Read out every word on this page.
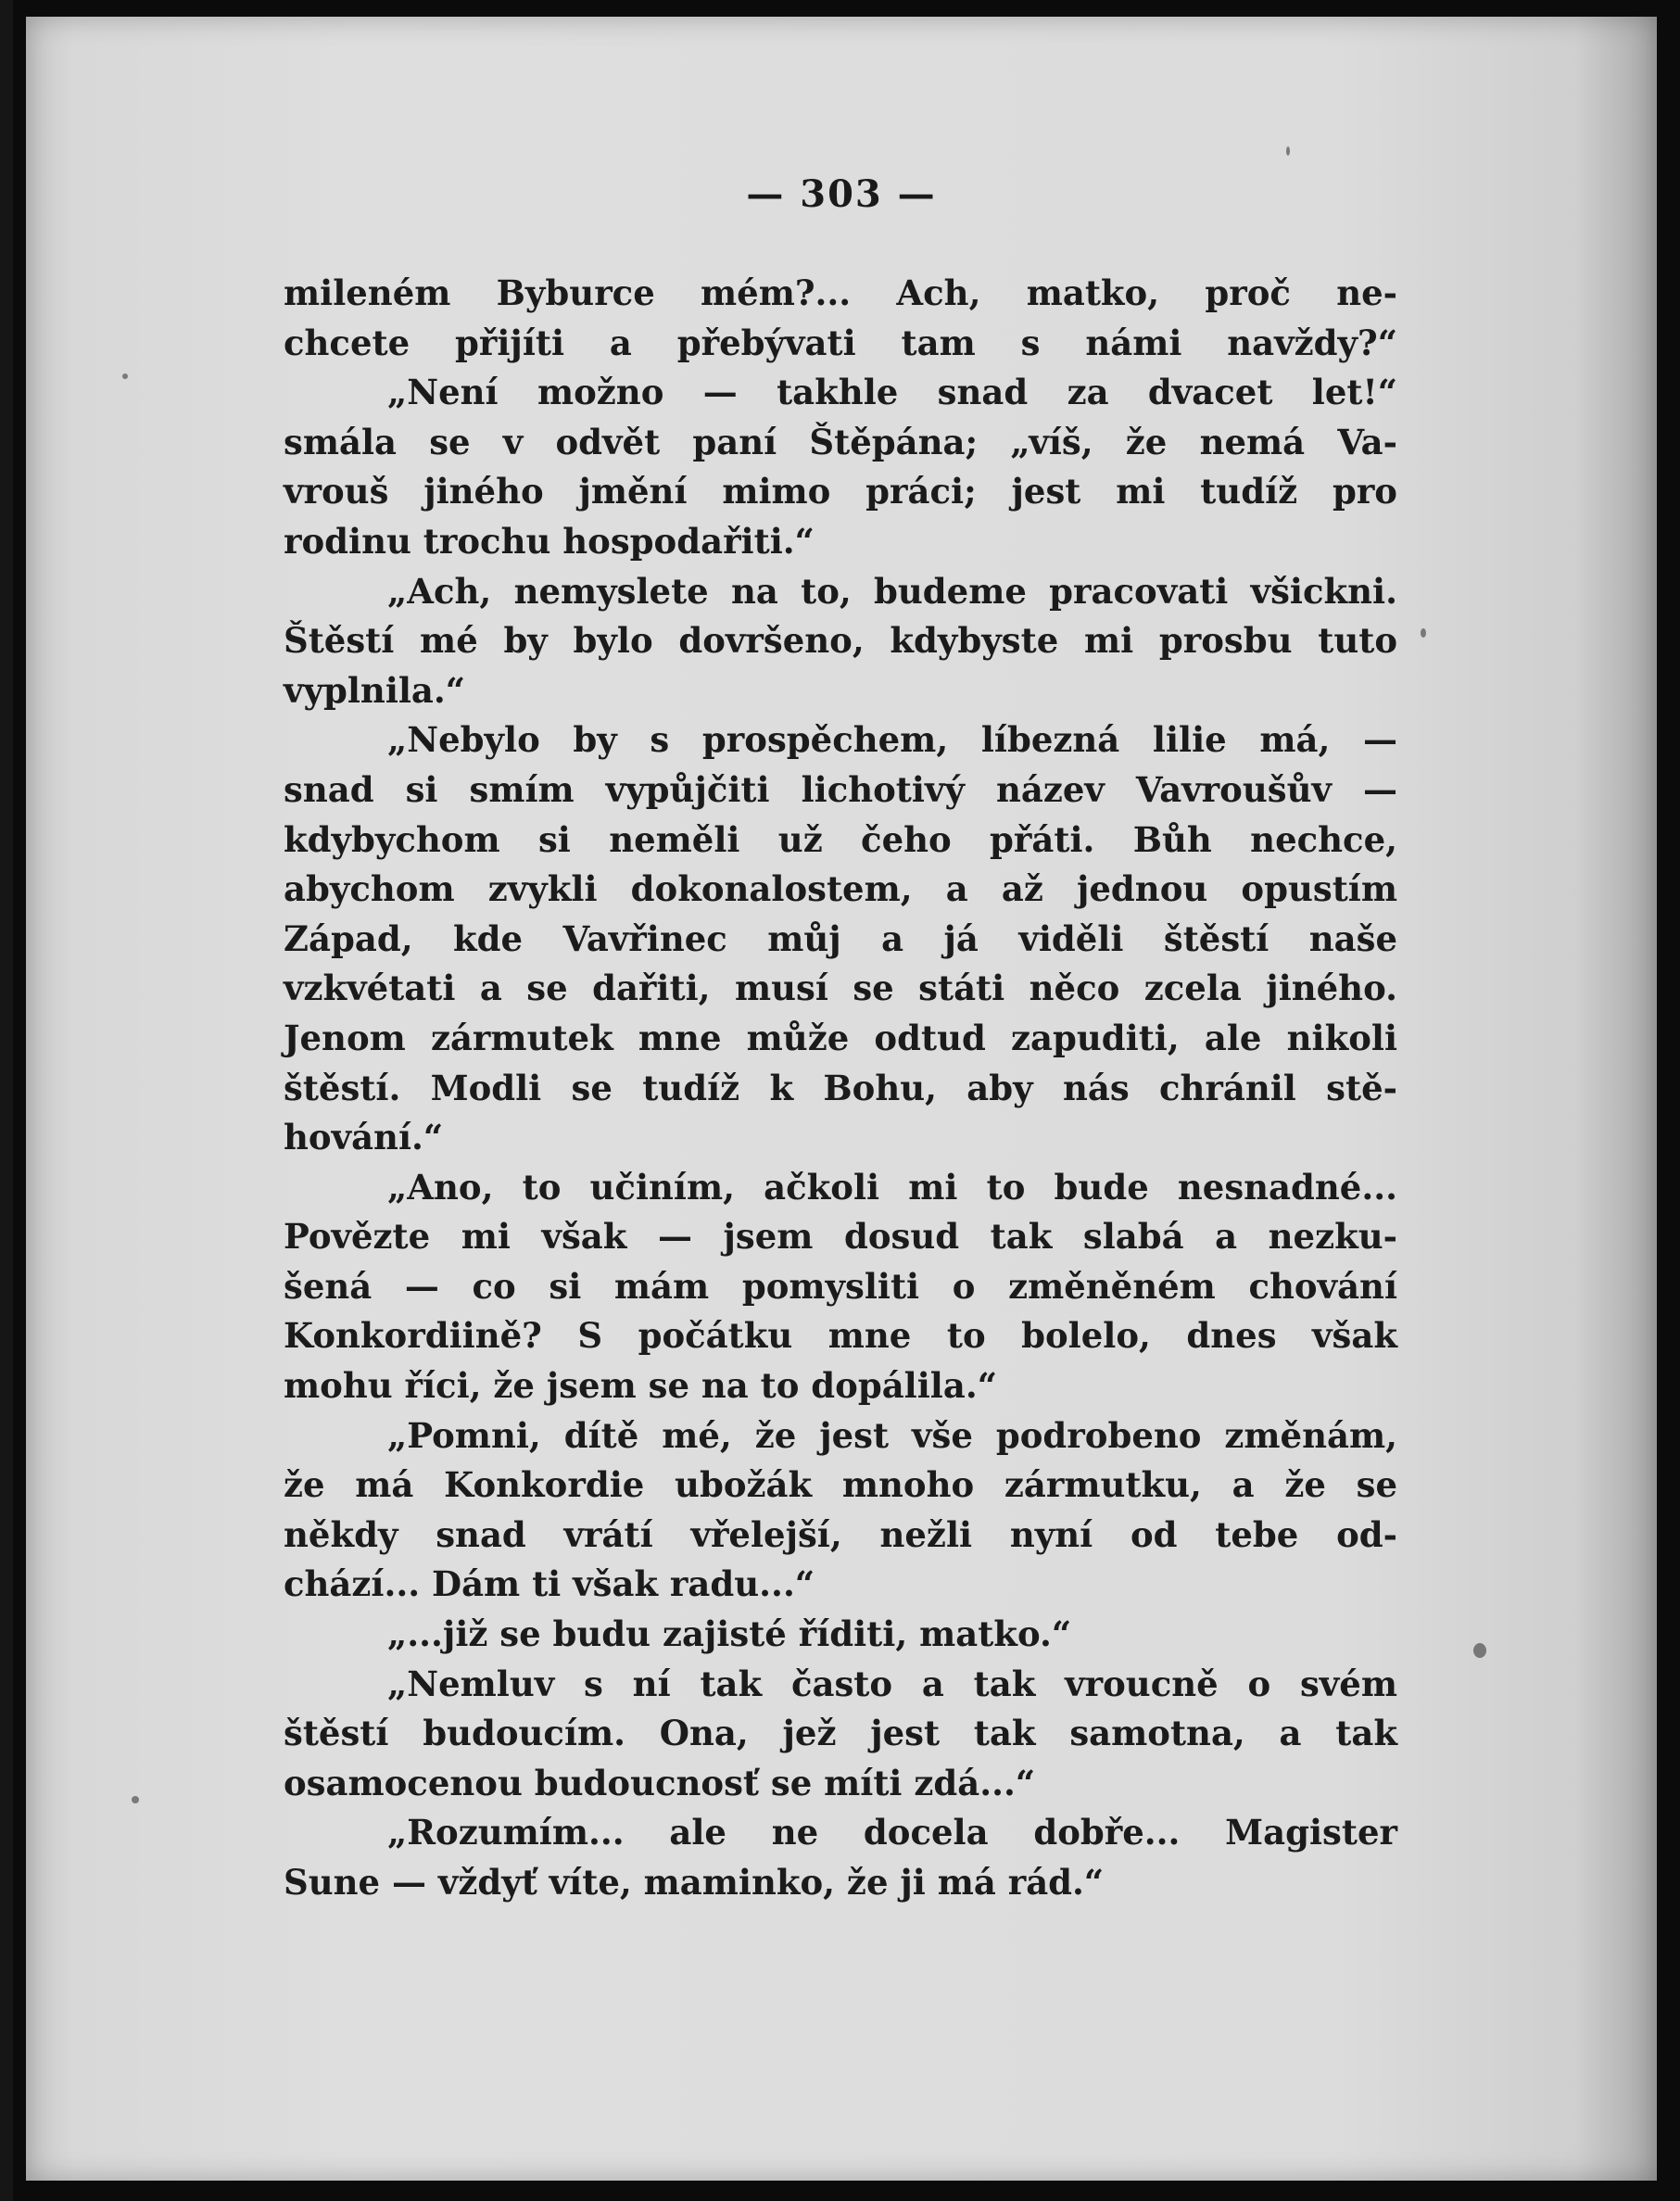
— 303 —
mileném Byburce mém?... Ach, matko, proč ne-
chcete přijíti a přebývati tam s námi navždy?“
„Není možno — takhle snad za dvacet let!“
smála se v odvět paní Štěpána; „víš, že nemá Va-
vrouš jiného jmění mimo práci; jest mi tudíž pro
rodinu trochu hospodařiti.“
„Ach, nemyslete na to, budeme pracovati všickni.
Štěstí mé by bylo dovršeno, kdybyste mi prosbu tuto
vyplnila.“
„Nebylo by s prospěchem, líbezná lilie má, —
snad si smím vypůjčiti lichotivý název Vavroušův —
kdybychom si neměli už čeho přáti. Bůh nechce,
abychom zvykli dokonalostem, a až jednou opustím
Západ, kde Vavřinec můj a já viděli štěstí naše
vzkvétati a se dařiti, musí se státi něco zcela jiného.
Jenom zármutek mne může odtud zapuditi, ale nikoli
štěstí. Modli se tudíž k Bohu, aby nás chránil stě-
hování.“
„Ano, to učiním, ačkoli mi to bude nesnadné...
Povězte mi však — jsem dosud tak slabá a nezku-
šená — co si mám pomysliti o změněném chování
Konkordiině? S počátku mne to bolelo, dnes však
mohu říci, že jsem se na to dopálila.“
„Pomni, dítě mé, že jest vše podrobeno změnám,
že má Konkordie ubožák mnoho zármutku, a že se
někdy snad vrátí vřelejší, nežli nyní od tebe od-
chází... Dám ti však radu...“
„...již se budu zajisté říditi, matko.“
„Nemluv s ní tak často a tak vroucně o svém
štěstí budoucím. Ona, jež jest tak samotna, a tak
osamocenou budoucnosť se míti zdá...“
„Rozumím... ale ne docela dobře... Magister
Sune — vždyť víte, maminko, že ji má rád.“
